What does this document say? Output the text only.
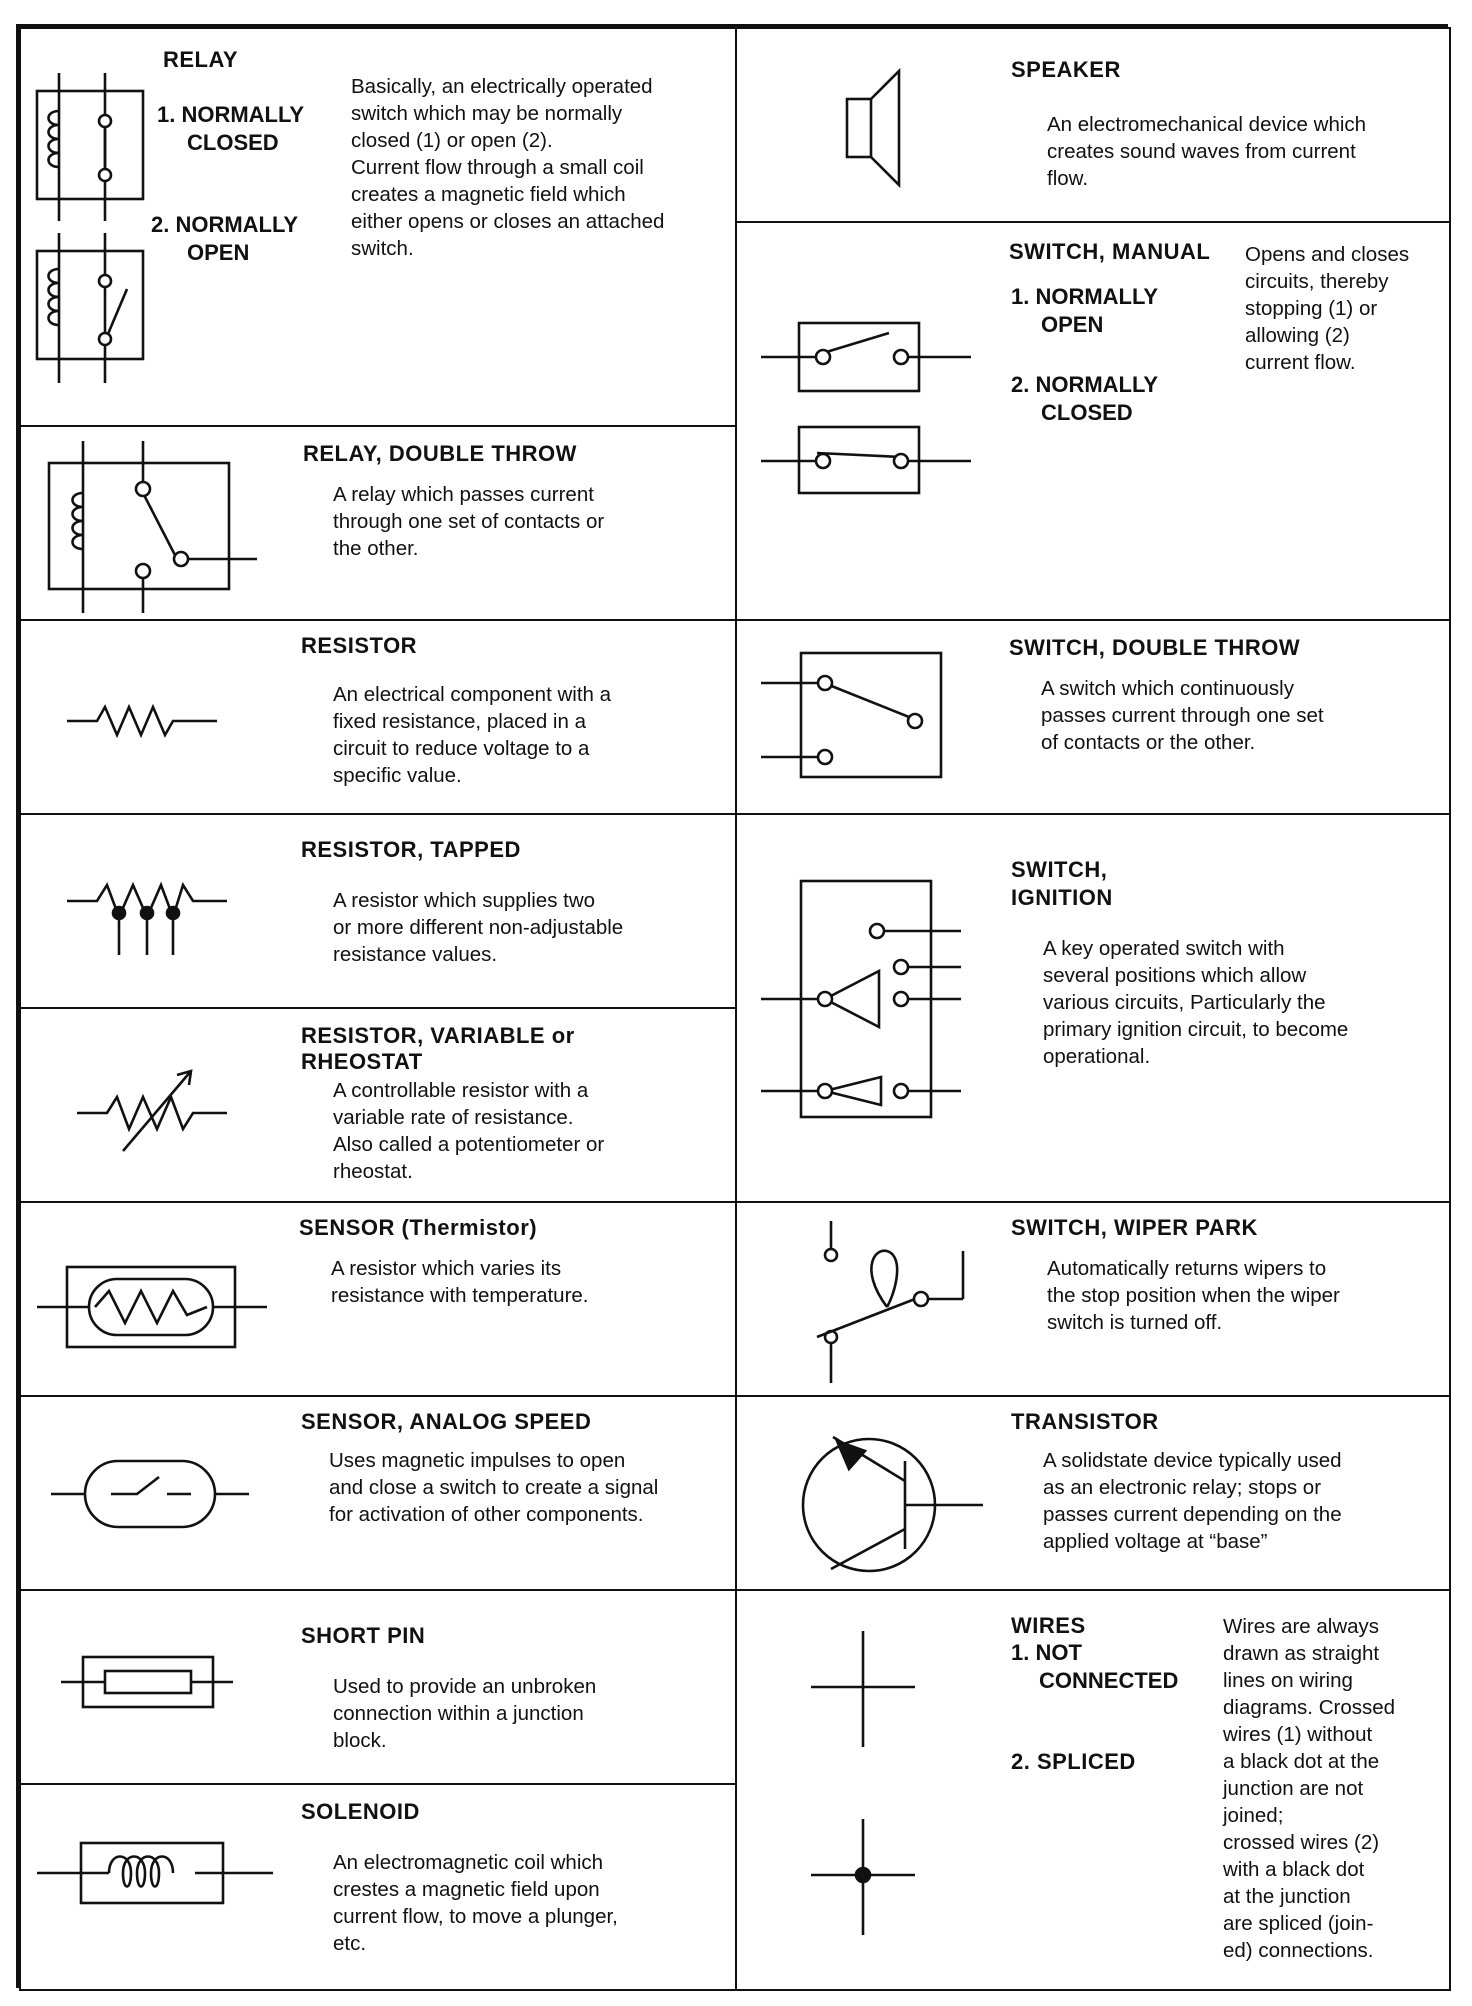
RELAY
1. NORMALLY
CLOSED
2. NORMALLY
OPEN
Basically, an electrically operated
switch which may be normally
closed (1) or open (2).
Current flow through a small coil
creates a magnetic field which
either opens or closes an attached
switch.
RELAY, DOUBLE THROW
A relay which passes current
through one set of contacts or
the other.
RESISTOR
An electrical component with a
fixed resistance, placed in a
circuit to reduce voltage to a
specific value.
RESISTOR, TAPPED
A resistor which supplies two
or more different non-adjustable
resistance values.
RESISTOR, VARIABLE or
RHEOSTAT
A controllable resistor with a
variable rate of resistance.
Also called a potentiometer or
rheostat.
SENSOR (Thermistor)
A resistor which varies its
resistance with temperature.
SENSOR, ANALOG SPEED
Uses magnetic impulses to open
and close a switch to create a signal
for activation of other components.
SHORT PIN
Used to provide an unbroken
connection within a junction
block.
SOLENOID
An electromagnetic coil which
crestes a magnetic field upon
current flow, to move a plunger,
etc.
SPEAKER
An electromechanical device which
creates sound waves from current
flow.
SWITCH, MANUAL
1. NORMALLY
OPEN
2. NORMALLY
CLOSED
Opens and closes
circuits, thereby
stopping (1) or
allowing (2)
current flow.
SWITCH, DOUBLE THROW
A switch which continuously
passes current through one set
of contacts or the other.
SWITCH,
IGNITION
A key operated switch with
several positions which allow
various circuits, Particularly the
primary ignition circuit, to become
operational.
SWITCH, WIPER PARK
Automatically returns wipers to
the stop position when the wiper
switch is turned off.
TRANSISTOR
A solidstate device typically used
as an electronic relay; stops or
passes current depending on the
applied voltage at “base”
WIRES
1. NOT
CONNECTED
2. SPLICED
Wires are always
drawn as straight
lines on wiring
diagrams. Crossed
wires (1) without
a black dot at the
junction are not
joined;
crossed wires (2)
with a black dot
at the junction
are spliced (join-
ed) connections.
